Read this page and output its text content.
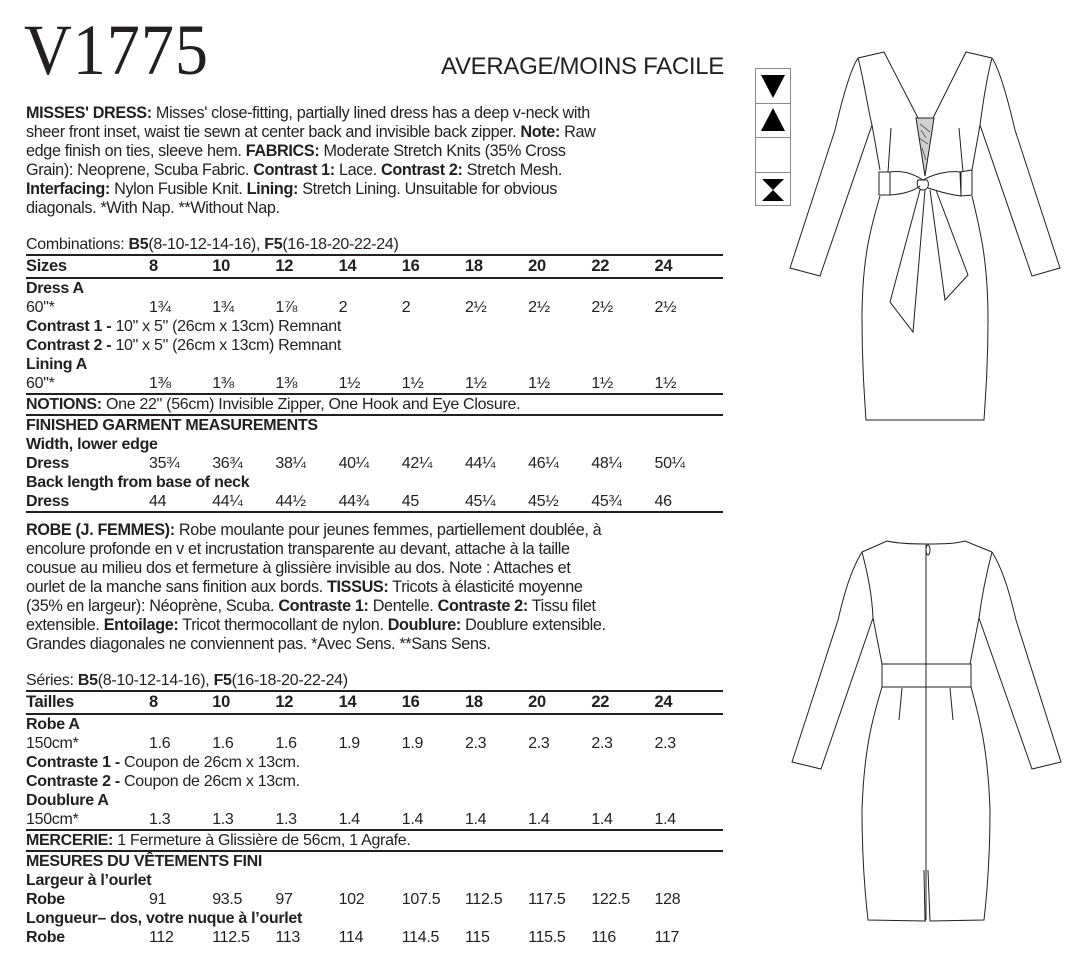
V1775	AVERAGE/MOINS FACILE
MISSES' DRESS: Misses' close-fitting, partially lined dress has a deep v-neck with
sheer front inset, waist tie sewn at center back and invisible back zipper. Note: Raw
edge finish on ties, sleeve hem. FABRICS: Moderate Stretch Knits (35% Cross
Grain): Neoprene, Scuba Fabric. Contrast 1: Lace. Contrast 2: Stretch Mesh.
Interfacing: Nylon Fusible Knit. Lining: Stretch Lining. Unsuitable for obvious
diagonals. *With Nap. **Without Nap.
Combinations: B5(8-10-12-14-16), F5(16-18-20-22-24)
Sizes	8	10	12	14	16	18	20	22	24
Dress A
60"*	1¾	1¾	1⅞	2	2	2½	2½	2½	2½
Contrast 1 - 10" x 5" (26cm x 13cm) Remnant
Contrast 2 - 10" x 5" (26cm x 13cm) Remnant
Lining A
60"*	1⅜	1⅜	1⅜	1½	1½	1½	1½	1½	1½
NOTIONS: One 22" (56cm) Invisible Zipper, One Hook and Eye Closure.
FINISHED GARMENT MEASUREMENTS
Width, lower edge
Dress	35¾	36¾	38¼	40¼	42¼	44¼	46¼	48¼	50¼
Back length from base of neck
Dress	44	44¼	44½	44¾	45	45¼	45½	45¾	46
ROBE (J. FEMMES): Robe moulante pour jeunes femmes, partiellement doublée, à
encolure profonde en v et incrustation transparente au devant, attache à la taille
cousue au milieu dos et fermeture à glissière invisible au dos. Note : Attaches et
ourlet de la manche sans finition aux bords. TISSUS: Tricots à élasticité moyenne
(35% en largeur): Néoprène, Scuba. Contraste 1: Dentelle. Contraste 2: Tissu filet
extensible. Entoilage: Tricot thermocollant de nylon. Doublure: Doublure extensible.
Grandes diagonales ne conviennent pas. *Avec Sens. **Sans Sens.
Séries: B5(8-10-12-14-16), F5(16-18-20-22-24)
Tailles	8	10	12	14	16	18	20	22	24
Robe A
150cm*	1.6	1.6	1.6	1.9	1.9	2.3	2.3	2.3	2.3
Contraste 1 - Coupon de 26cm x 13cm.
Contraste 2 - Coupon de 26cm x 13cm.
Doublure A
150cm*	1.3	1.3	1.3	1.4	1.4	1.4	1.4	1.4	1.4
MERCERIE: 1 Fermeture à Glissière de 56cm, 1 Agrafe.
MESURES DU VÊTEMENTS FINI
Largeur à l’ourlet
Robe	91	93.5	97	102	107.5	112.5	117.5	122.5	128
Longueur– dos, votre nuque à l’ourlet
Robe	112	112.5	113	114	114.5	115	115.5	116	117
